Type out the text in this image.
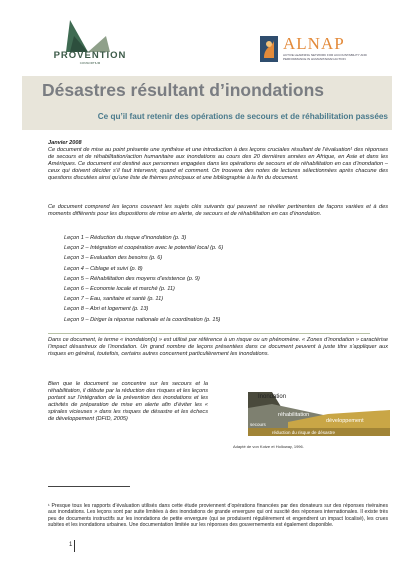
PROVENTION
CONSORTIUM
ALNAP
ACTIVE LEARNING NETWORK FOR ACCOUNTABILITY AND PERFORMANCE IN HUMANITARIAN ACTION
Désastres résultant d’inondations
Ce qu’il faut retenir des opérations de secours et de réhabilitation passées
Janvier 2008
Ce document de mise au point présente une synthèse et une introduction à des leçons cruciales résultant de l’évaluation¹ des réponses de secours et de réhabilitation/action humanitaire aux inondations au cours des 20 dernières années en Afrique, en Asie et dans les Amériques. Ce document est destiné aux personnes engagées dans les opérations de secours et de réhabilitation en cas d’inondation – ceux qui doivent décider s’il faut intervenir, quand et comment. On trouvera des notes de lectures sélectionnées après chacune des questions discutées ainsi qu’une liste de thèmes principaux et une bibliographie à la fin du document.
Ce document comprend les leçons couvrant les sujets clés suivants qui peuvent se révéler pertinentes de façons variées et à des moments différents pour les dispositions de mise en alerte, de secours et de réhabilitation en cas d’inondation.
Leçon 1 – Réduction du risque d’inondation (p. 3)
Leçon 2 – Intégration et coopération avec le potentiel local (p. 6)
Leçon 3 – Evaluation des besoins (p. 6)
Leçon 4 – Ciblage et suivi (p. 8)
Leçon 5 – Réhabilitation des moyens d’existence (p. 9)
Leçon 6 – Economie locale et marché (p. 11)
Leçon 7 – Eau, sanitaire et santé (p. 11)
Leçon 8 – Abri et logement (p. 13)
Leçon 9 – Diriger la réponse nationale et la coordination (p. 15)
Dans ce document, le terme « inondation(s) » est utilisé par référence à un risque ou un phénomène. « Zones d’inondation » caractérise l’impact désastreux de l’inondation. Un grand nombre de leçons présentées dans ce document peuvent à juste titre s’appliquer aux risques en général, toutefois, certains autres concernent particulièrement les inondations.
Bien que le document se concentre sur les secours et la réhabilitation, il débute par la réduction des risques et les leçons portant sur l’intégration de la prévention des inondations et les activités de préparation de mise en alerte afin d’éviter les « spirales vicieuses » dans les risques de désastre et les échecs de développement (DFID, 2005)
Inondation
secours
réhabilitation
développement
réduction du risque de désastre
Adapté de von Kotze et Holloway, 1996.
¹ Presque tous les rapports d’évaluation utilisés dans cette étude proviennent d’opérations financées par des donateurs sur des réponses rivéraines aux inondations. Les leçons sont par suite limitées à des inondations de grande envergure qui ont suscité des réponses internationales. Il existe très peu de documents instructifs sur les inondations de petite envergure (qui se produisent régulièrement et engendrent un impact localisé), les crues subites et les inondations urbaines. Une documentation limitée sur les réponses des gouvernements est également disponible.
1
